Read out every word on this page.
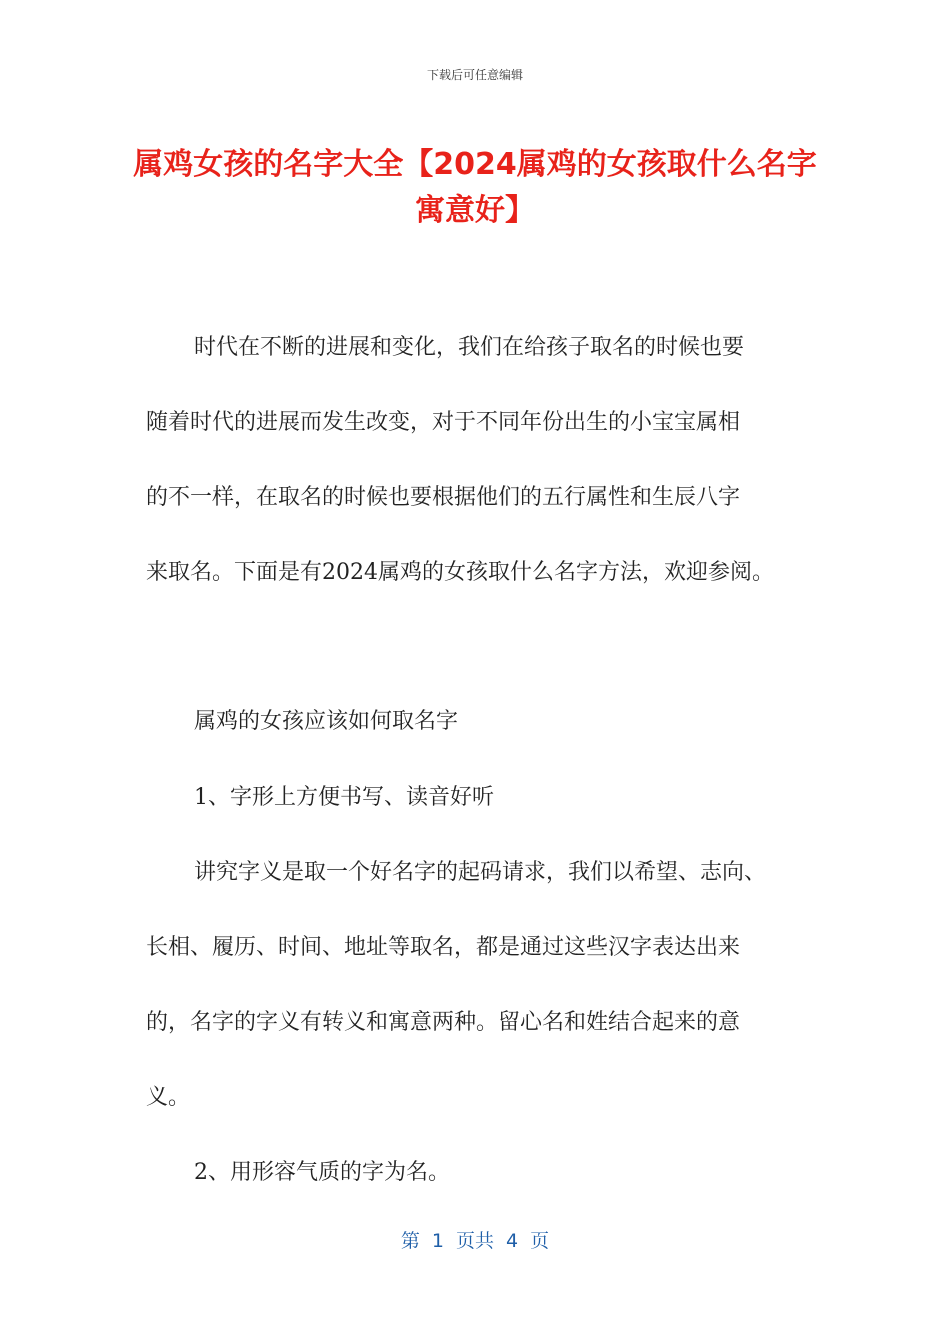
下载后可任意编辑
属鸡女孩的名字大全【2024属鸡的女孩取什么名字寓意好】
时代在不断的进展和变化，我们在给孩子取名的时候也要
随着时代的进展而发生改变，对于不同年份出生的小宝宝属相
的不一样，在取名的时候也要根据他们的五行属性和生辰八字
来取名。下面是有2024属鸡的女孩取什么名字方法，欢迎参阅。
属鸡的女孩应该如何取名字
1、字形上方便书写、读音好听
讲究字义是取一个好名字的起码请求，我们以希望、志向、
长相、履历、时间、地址等取名，都是通过这些汉字表达出来
的，名字的字义有转义和寓意两种。留心名和姓结合起来的意
义。
2、用形容气质的字为名。
第 1 页共 4 页
